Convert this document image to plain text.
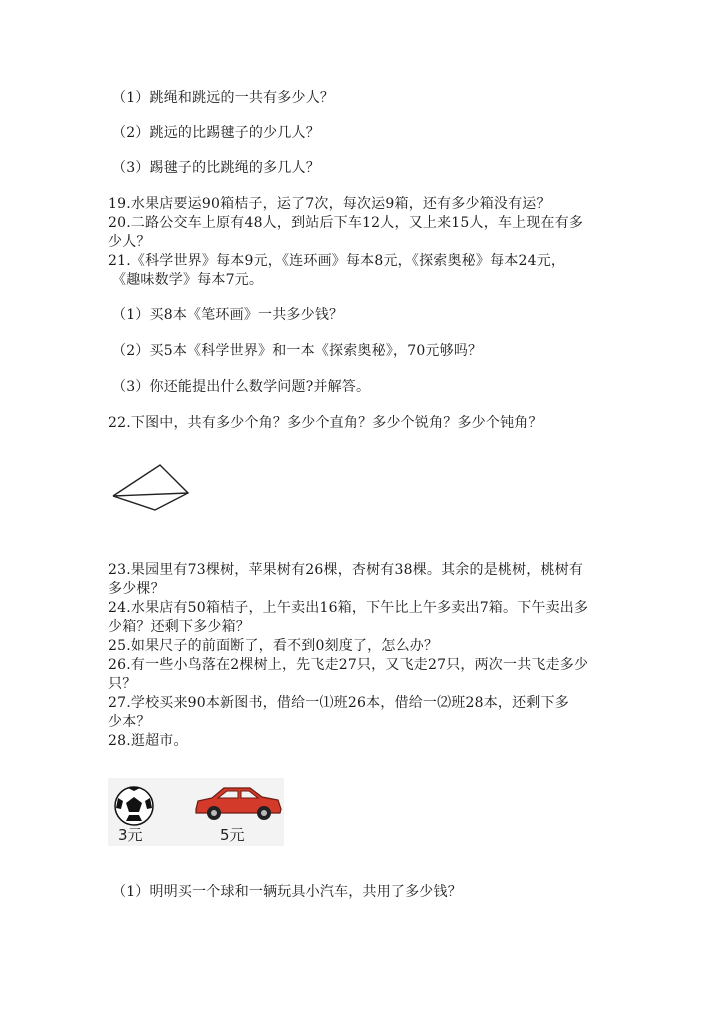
（1）跳绳和跳远的一共有多少人？
（2）跳远的比踢毽子的少几人？
（3）踢毽子的比跳绳的多几人？
19.水果店要运90箱桔子，运了7次，每次运9箱，还有多少箱没有运？
20.二路公交车上原有48人，到站后下车12人，又上来15人，车上现在有多
少人？
21.《科学世界》每本9元，《连环画》每本8元，《探索奥秘》每本24元，
《趣味数学》每本7元。
（1）买8本《笔环画》一共多少钱？
（2）买5本《科学世界》和一本《探索奥秘》，70元够吗？
（3）你还能提出什么数学问题?并解答。
22.下图中，共有多少个角？多少个直角？多少个锐角？多少个钝角？
23.果园里有73棵树，苹果树有26棵，杏树有38棵。其余的是桃树，桃树有
多少棵？
24.水果店有50箱桔子，上午卖出16箱，下午比上午多卖出7箱。下午卖出多
少箱？还剩下多少箱？
25.如果尺子的前面断了，看不到0刻度了，怎么办？
26.有一些小鸟落在2棵树上，先飞走27只，又飞走27只，两次一共飞走多少
只？
27.学校买来90本新图书，借给一⑴班26本，借给一⑵班28本，还剩下多
少本？
28.逛超市。
3元	5元
（1）明明买一个球和一辆玩具小汽车，共用了多少钱？
